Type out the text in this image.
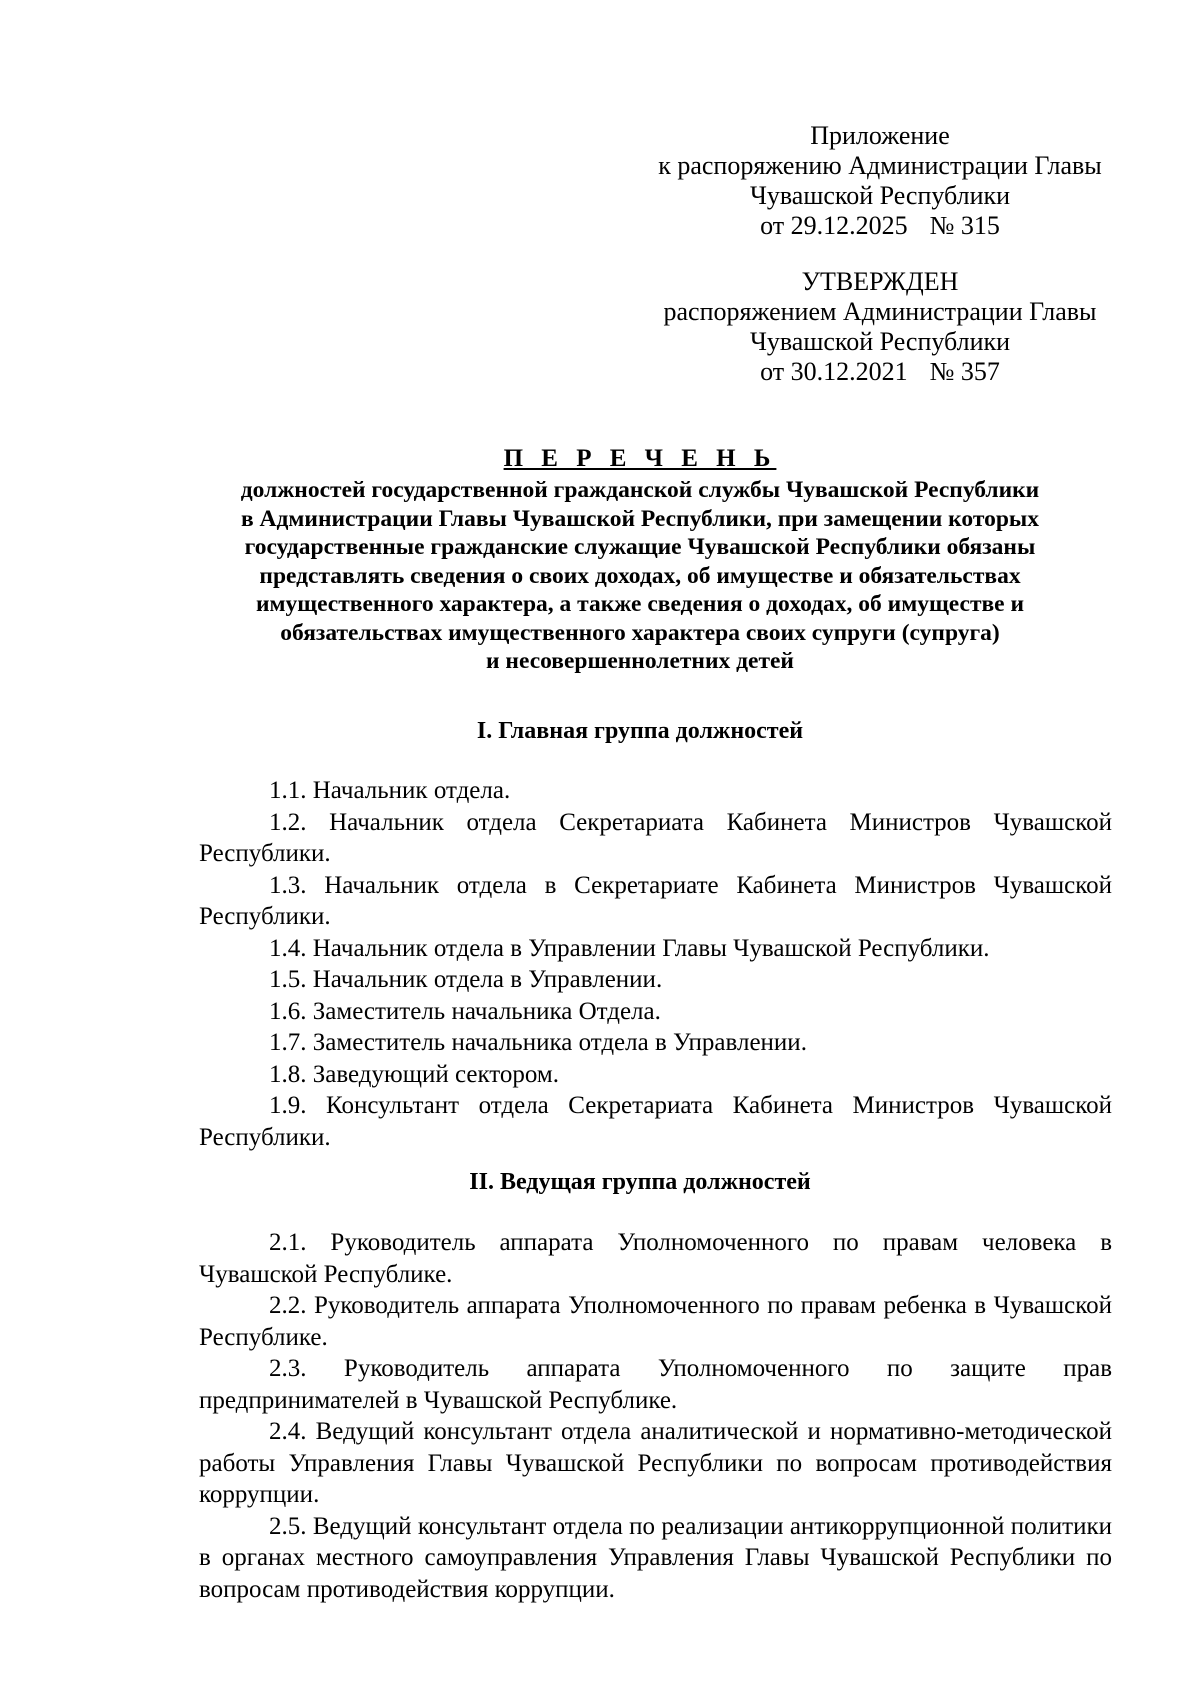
Приложение
к распоряжению Администрации Главы
Чувашской Республики
от 29.12.2025 № 315
УТВЕРЖДЕН
распоряжением Администрации Главы
Чувашской Республики
от 30.12.2021 № 357
П Е Р Е Ч Е Н Ь
должностей государственной гражданской службы Чувашской Республики
в Администрации Главы Чувашской Республики, при замещении которых
государственные гражданские служащие Чувашской Республики обязаны
представлять сведения о своих доходах, об имуществе и обязательствах
имущественного характера, а также сведения о доходах, об имуществе и
обязательствах имущественного характера своих супруги (супруга)
и несовершеннолетних детей
I. Главная группа должностей

1.1. Начальник отдела.

1.2. Начальник отдела Секретариата Кабинета Министров Чувашской Республики.

1.3. Начальник отдела в Секретариате Кабинета Министров Чувашской Республики.

1.4. Начальник отдела в Управлении Главы Чувашской Республики.

1.5. Начальник отдела в Управлении.

1.6. Заместитель начальника Отдела.

1.7. Заместитель начальника отдела в Управлении.

1.8. Заведующий сектором.

1.9. Консультант отдела Секретариата Кабинета Министров Чувашской Республики.

II. Ведущая группа должностей

2.1. Руководитель аппарата Уполномоченного по правам человека в Чувашской Республике.

2.2. Руководитель аппарата Уполномоченного по правам ребенка в Чувашской Республике.

2.3. Руководитель аппарата Уполномоченного по защите прав предпринимателей в Чувашской Республике.

2.4. Ведущий консультант отдела аналитической и нормативно-методической работы Управления Главы Чувашской Республики по вопросам противодействия коррупции.

2.5. Ведущий консультант отдела по реализации антикоррупционной политики в органах местного самоуправления Управления Главы Чувашской Республики по вопросам противодействия коррупции.
